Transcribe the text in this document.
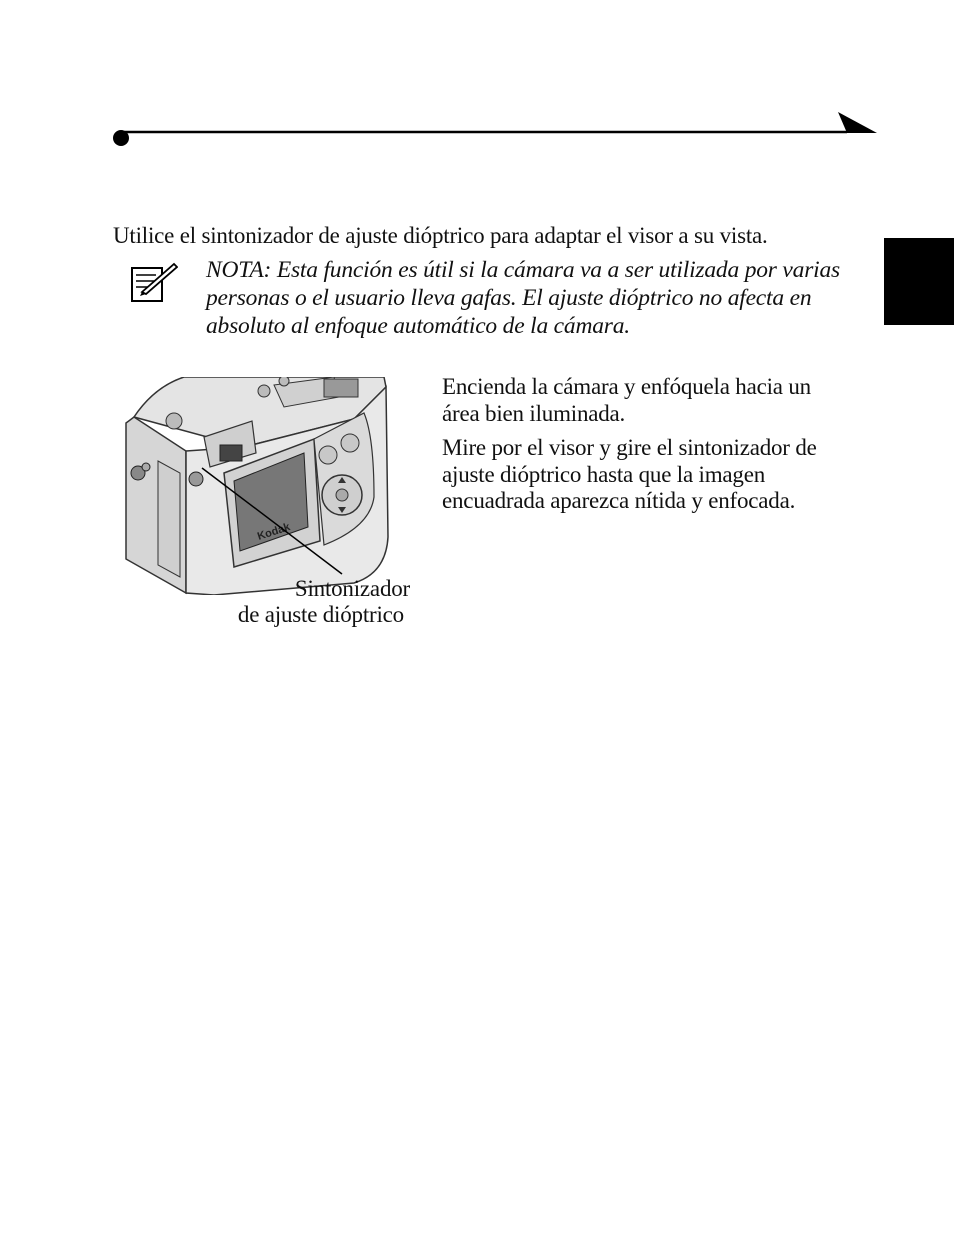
Utilice el sintonizador de ajuste dióptrico para adaptar el visor a su vista.
NOTA: Esta función es útil si la cámara va a ser utilizada por varias personas o el usuario lleva gafas. El ajuste dióptrico no afecta en absoluto al enfoque automático de la cámara.
Kodak
Sintonizador
de ajuste dióptrico

Encienda la cámara y enfóquela hacia un área bien iluminada.

Mire por el visor y gire el sintonizador de ajuste dióptrico hasta que la imagen encuadrada aparezca nítida y enfocada.
